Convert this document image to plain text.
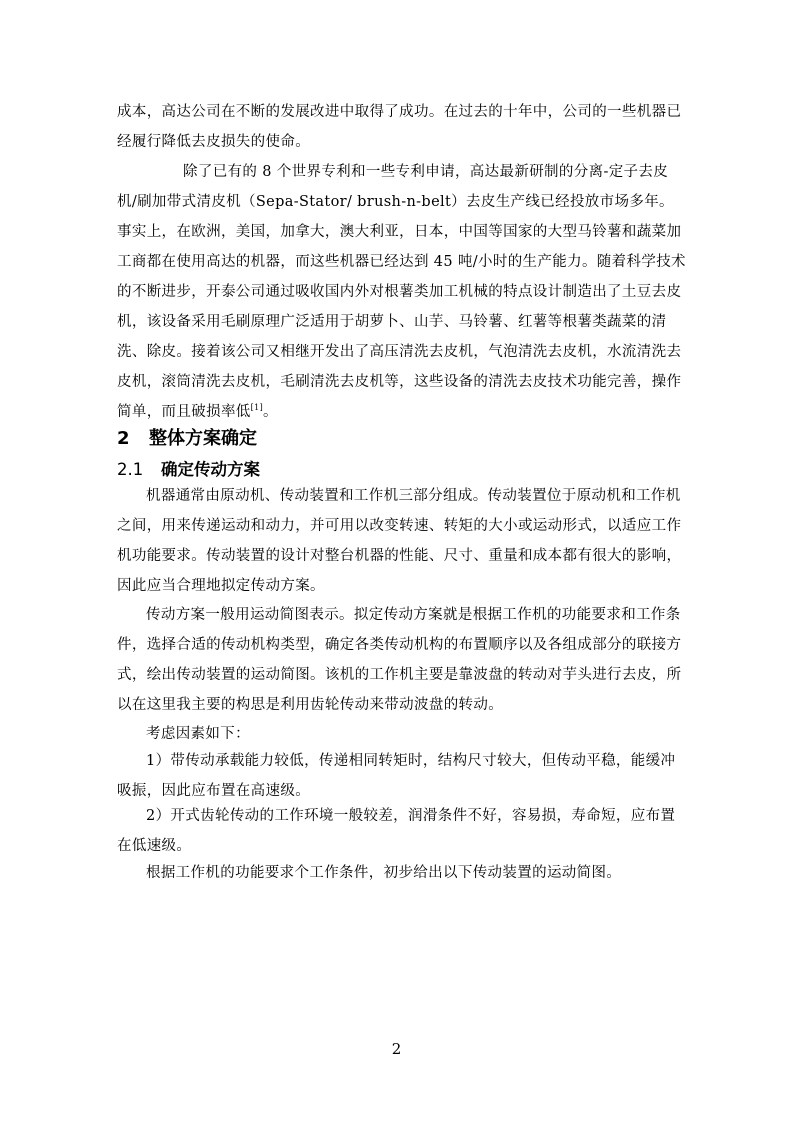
成本，高达公司在不断的发展改进中取得了成功。在过去的十年中，公司的一些机器已经履行降低去皮损失的使命。

除了已有的 8 个世界专利和一些专利申请，高达最新研制的分离-定子去皮机/刷加带式清皮机（Sepa-Stator/ brush-n-belt）去皮生产线已经投放市场多年。事实上，在欧洲，美国，加拿大，澳大利亚，日本，中国等国家的大型马铃薯和蔬菜加工商都在使用高达的机器，而这些机器已经达到 45 吨/小时的生产能力。随着科学技术的不断进步，开泰公司通过吸收国内外对根薯类加工机械的特点设计制造出了土豆去皮机，该设备采用毛刷原理广泛适用于胡萝卜、山芋、马铃薯、红薯等根薯类蔬菜的清洗、除皮。接着该公司又相继开发出了高压清洗去皮机，气泡清洗去皮机，水流清洗去皮机，滚筒清洗去皮机，毛刷清洗去皮机等，这些设备的清洗去皮技术功能完善，操作简单，而且破损率低[1]。

2 整体方案确定
2.1 确定传动方案

机器通常由原动机、传动装置和工作机三部分组成。传动装置位于原动机和工作机之间，用来传递运动和动力，并可用以改变转速、转矩的大小或运动形式，以适应工作机功能要求。传动装置的设计对整台机器的性能、尺寸、重量和成本都有很大的影响，因此应当合理地拟定传动方案。

传动方案一般用运动简图表示。拟定传动方案就是根据工作机的功能要求和工作条件，选择合适的传动机构类型，确定各类传动机构的布置顺序以及各组成部分的联接方式，绘出传动装置的运动简图。该机的工作机主要是靠波盘的转动对芋头进行去皮，所以在这里我主要的构思是利用齿轮传动来带动波盘的转动。

考虑因素如下：

1）带传动承载能力较低，传递相同转矩时，结构尺寸较大，但传动平稳，能缓冲吸振，因此应布置在高速级。

2）开式齿轮传动的工作环境一般较差，润滑条件不好，容易损，寿命短，应布置在低速级。

根据工作机的功能要求个工作条件，初步给出以下传动装置的运动简图。

2
